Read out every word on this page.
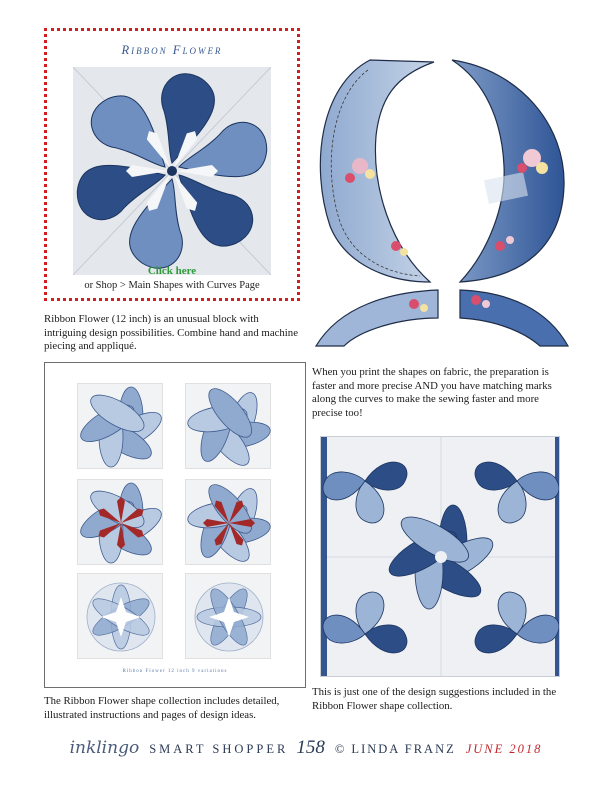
Ribbon Flower
Click here
or Shop > Main Shapes with Curves Page
Ribbon Flower (12 inch) is an unusual block with intriguing design possibilities. Combine hand and machine piecing and appliqué.
When you print the shapes on fabric, the preparation is faster and more precise AND you have matching marks along the curves to make the sewing faster and more precise too!
Ribbon Flower 12 inch 9 variations
The Ribbon Flower shape collection includes detailed, illustrated instructions and pages of design ideas.
This is just one of the design suggestions included in the Ribbon Flower shape collection.
inklingo SMART SHOPPER 158 © LINDA FRANZ JUNE 2018
